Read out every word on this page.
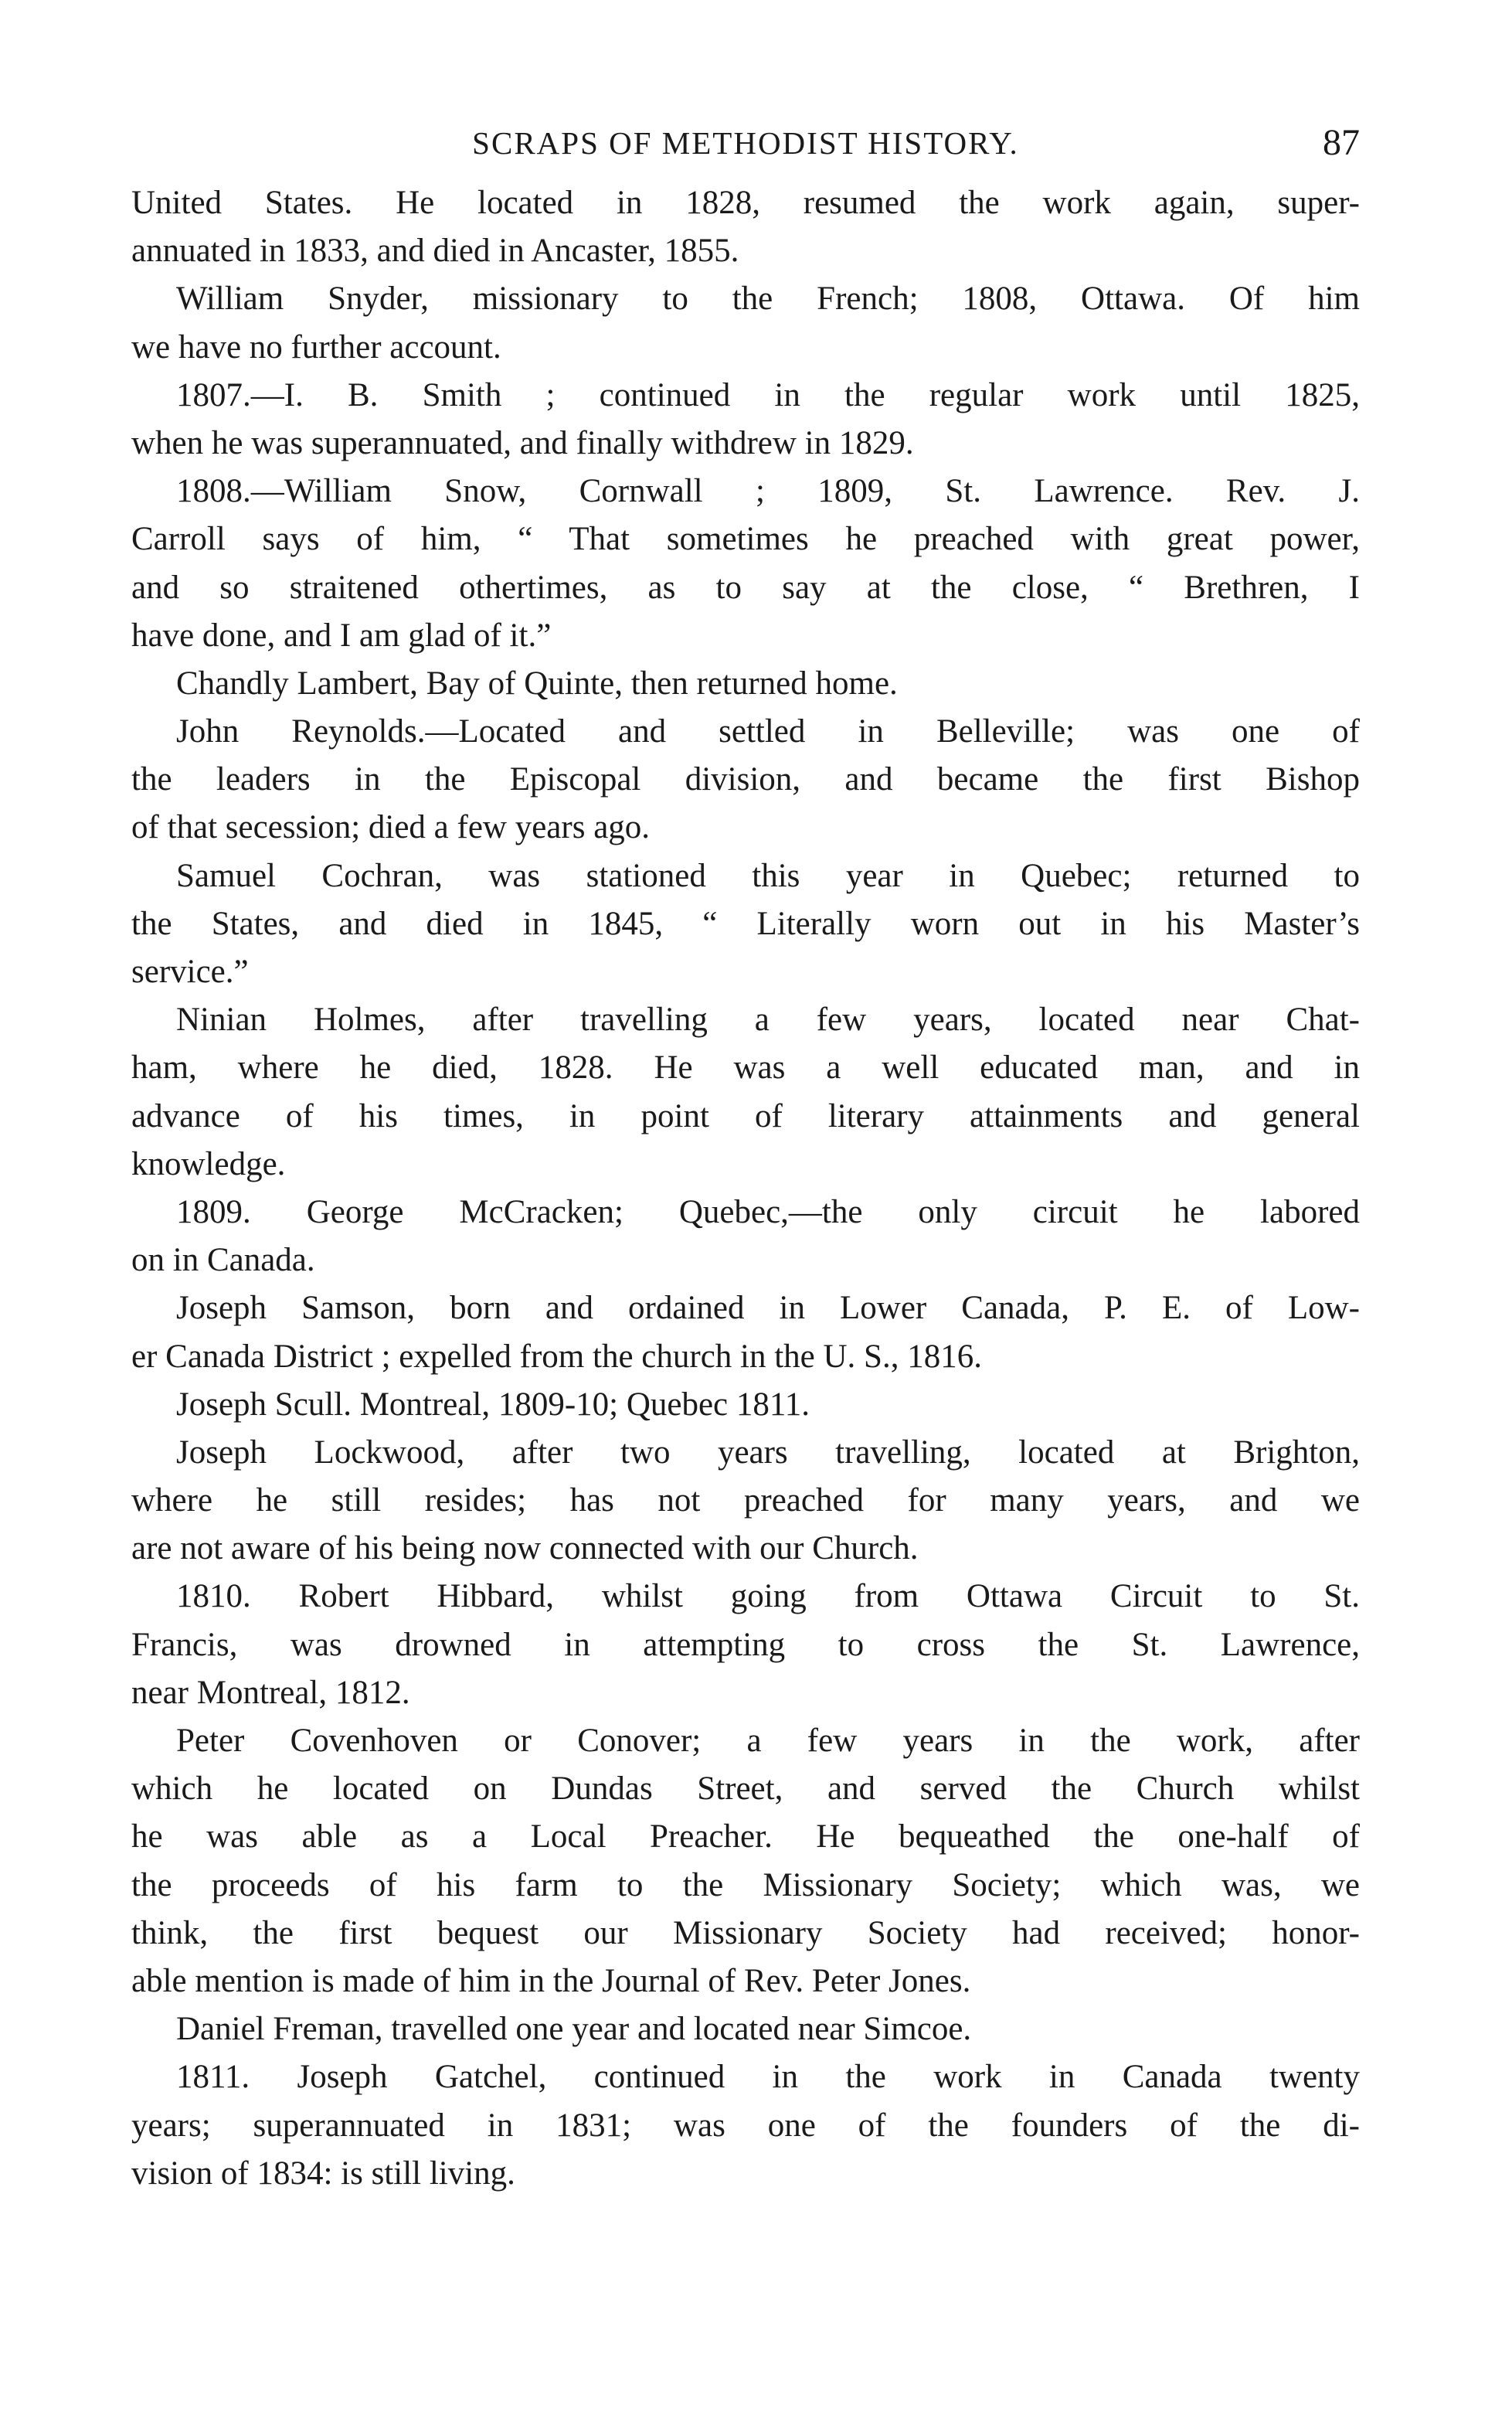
SCRAPS OF METHODIST HISTORY.	87
United States. He located in 1828, resumed the work again, super-
annuated in 1833, and died in Ancaster, 1855.
William Snyder, missionary to the French; 1808, Ottawa. Of him
we have no further account.
1807.—I. B. Smith ; continued in the regular work until 1825,
when he was superannuated, and finally withdrew in 1829.
1808.—William Snow, Cornwall ; 1809, St. Lawrence. Rev. J.
Carroll says of him, “ That sometimes he preached with great power,
and so straitened othertimes, as to say at the close, “ Brethren, I
have done, and I am glad of it.”
Chandly Lambert, Bay of Quinte, then returned home.
John Reynolds.—Located and settled in Belleville; was one of
the leaders in the Episcopal division, and became the first Bishop
of that secession; died a few years ago.
Samuel Cochran, was stationed this year in Quebec; returned to
the States, and died in 1845, “ Literally worn out in his Master’s
service.”
Ninian Holmes, after travelling a few years, located near Chat-
ham, where he died, 1828. He was a well educated man, and in
advance of his times, in point of literary attainments and general
knowledge.
1809. George McCracken; Quebec,—the only circuit he labored
on in Canada.
Joseph Samson, born and ordained in Lower Canada, P. E. of Low-
er Canada District ; expelled from the church in the U. S., 1816.
Joseph Scull. Montreal, 1809-10; Quebec 1811.
Joseph Lockwood, after two years travelling, located at Brighton,
where he still resides; has not preached for many years, and we
are not aware of his being now connected with our Church.
1810. Robert Hibbard, whilst going from Ottawa Circuit to St.
Francis, was drowned in attempting to cross the St. Lawrence,
near Montreal, 1812.
Peter Covenhoven or Conover; a few years in the work, after
which he located on Dundas Street, and served the Church whilst
he was able as a Local Preacher. He bequeathed the one-half of
the proceeds of his farm to the Missionary Society; which was, we
think, the first bequest our Missionary Society had received; honor-
able mention is made of him in the Journal of Rev. Peter Jones.
Daniel Freman, travelled one year and located near Simcoe.
1811. Joseph Gatchel, continued in the work in Canada twenty
years; superannuated in 1831; was one of the founders of the di-
vision of 1834: is still living.
